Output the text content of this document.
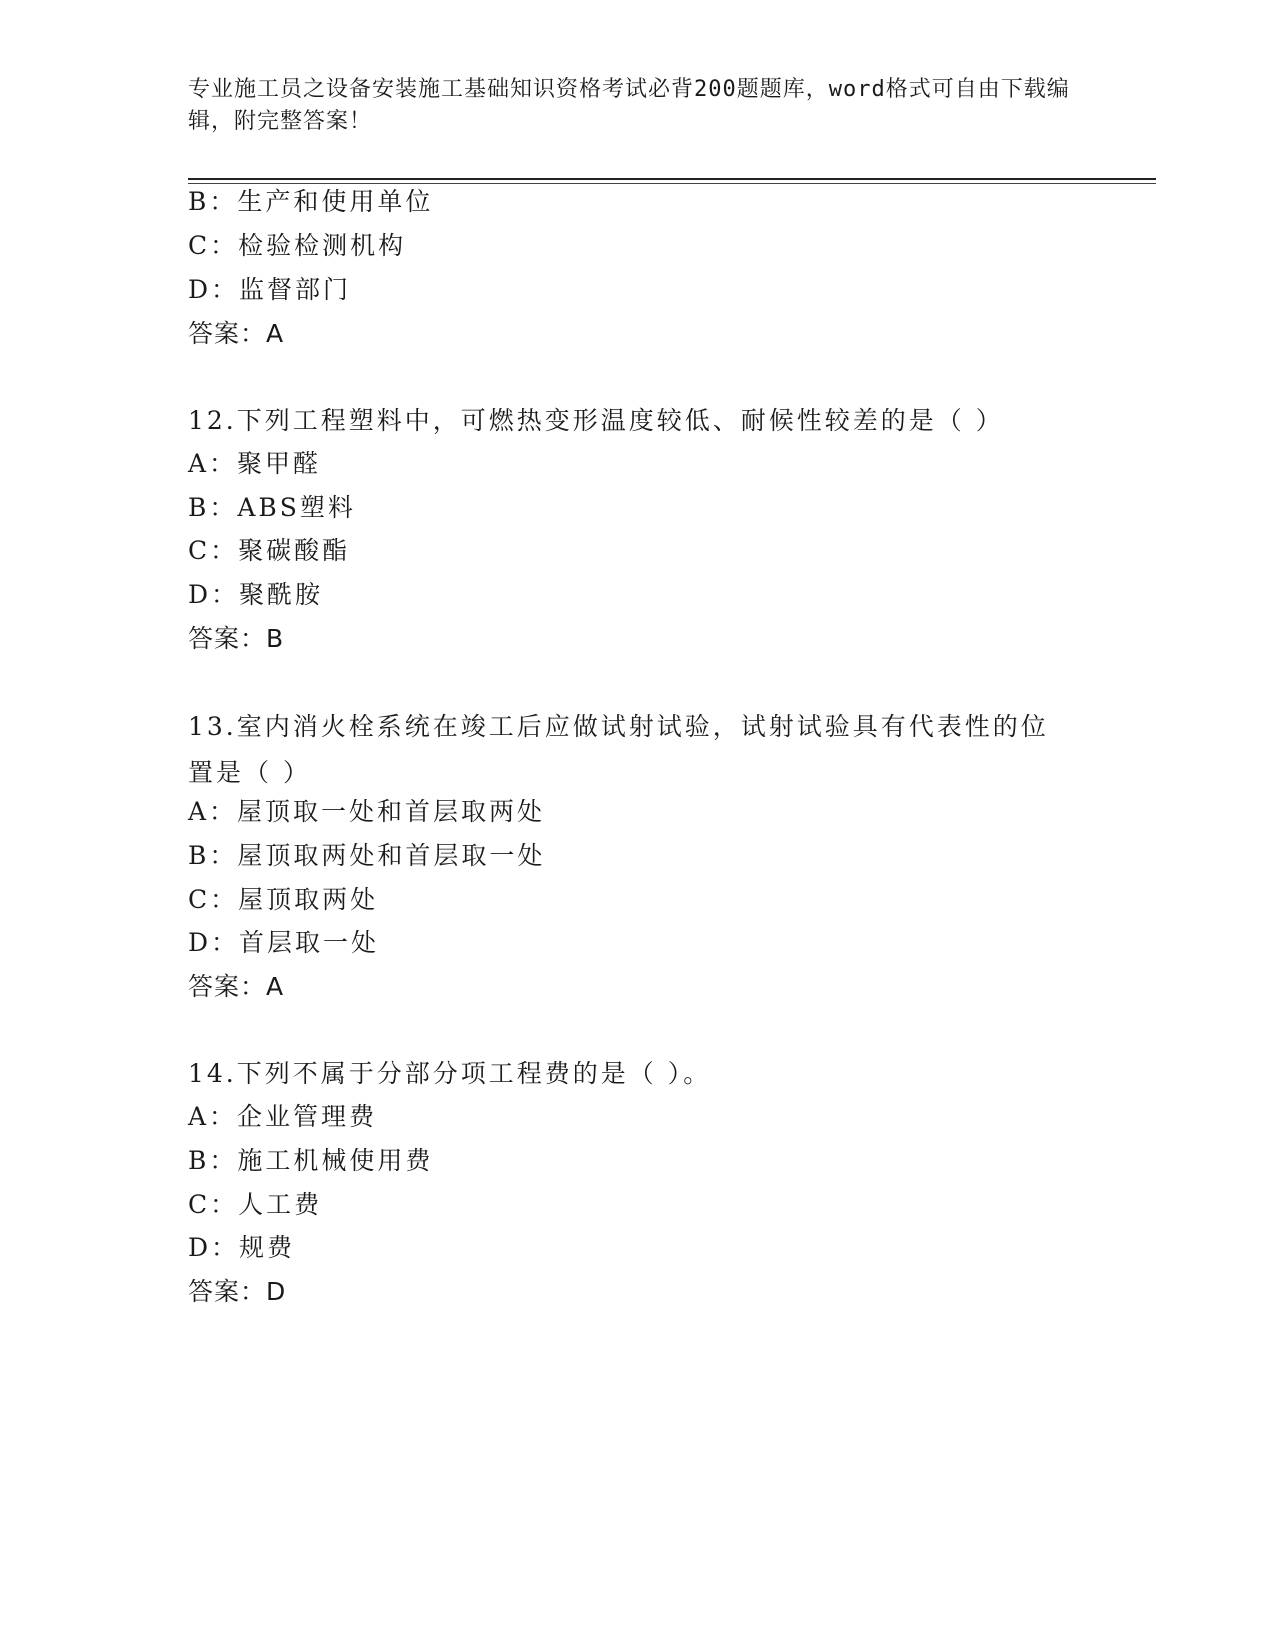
专业施工员之设备安装施工基础知识资格考试必背200题题库，word格式可自由下载编辑，附完整答案！
B：生产和使用单位
C：检验检测机构
D：监督部门
答案：A
12.下列工程塑料中，可燃热变形温度较低、耐候性较差的是（ ）
A：聚甲醛
B：ABS塑料
C：聚碳酸酯
D：聚酰胺
答案：B
13.室内消火栓系统在竣工后应做试射试验，试射试验具有代表性的位置是（ ）
A：屋顶取一处和首层取两处
B：屋顶取两处和首层取一处
C：屋顶取两处
D：首层取一处
答案：A
14.下列不属于分部分项工程费的是（ ）。
A：企业管理费
B：施工机械使用费
C：人工费
D：规费
答案：D
